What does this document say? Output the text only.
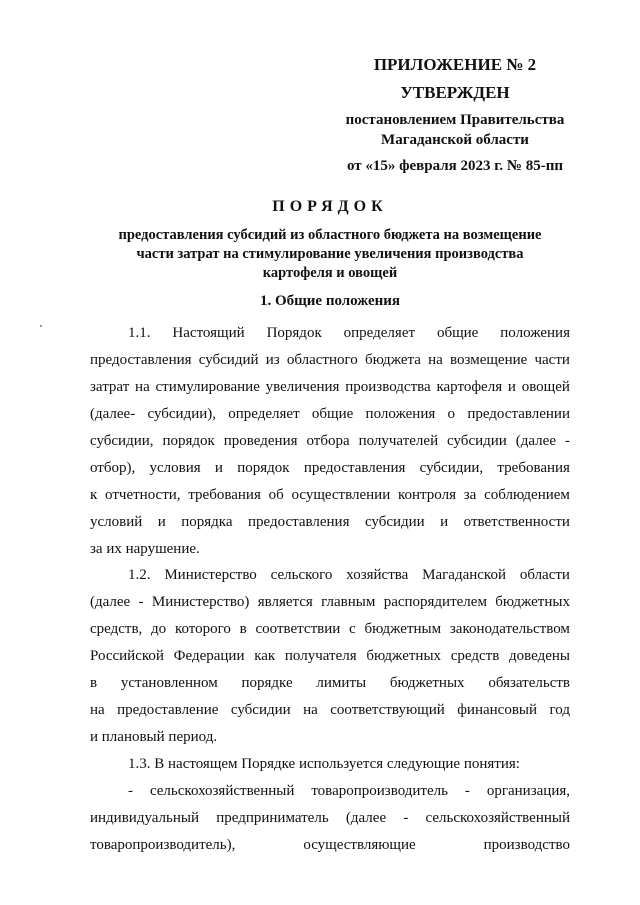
ПРИЛОЖЕНИЕ № 2
УТВЕРЖДЕН
постановлением Правительства
Магаданской области
от «15» февраля 2023 г. № 85-пп
ПОРЯДОК
предоставления субсидий из областного бюджета на возмещение
части затрат на стимулирование увеличения производства
картофеля и овощей
1. Общие положения
1.1. Настоящий Порядок определяет общие положения
предоставления субсидий из областного бюджета на возмещение части
затрат на стимулирование увеличения производства картофеля и овощей
(далее- субсидии), определяет общие положения о предоставлении
субсидии, порядок проведения отбора получателей субсидии (далее -
отбор), условия и порядок предоставления субсидии, требования
к отчетности, требования об осуществлении контроля за соблюдением
условий и порядка предоставления субсидии и ответственности
за их нарушение.
1.2. Министерство сельского хозяйства Магаданской области
(далее - Министерство) является главным распорядителем бюджетных
средств, до которого в соответствии с бюджетным законодательством
Российской Федерации как получателя бюджетных средств доведены
в установленном порядке лимиты бюджетных обязательств
на предоставление субсидии на соответствующий финансовый год
и плановый период.
1.3. В настоящем Порядке используется следующие понятия:
- сельскохозяйственный товаропроизводитель - организация,
индивидуальный предприниматель (далее - сельскохозяйственный
товаропроизводитель),	осуществляющие	производство
